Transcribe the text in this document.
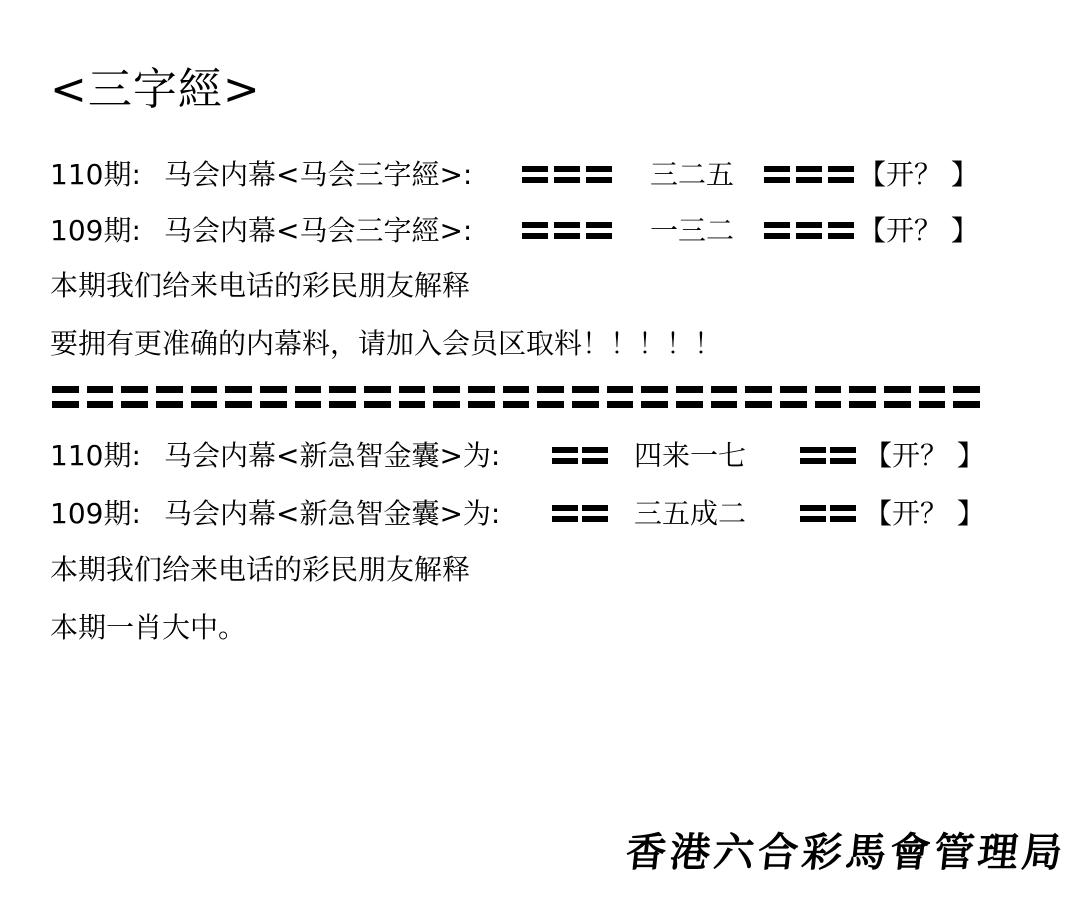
<三字經>
110期: 马会内幕<马会三字經>:	三二五	【开？ 】
109期: 马会内幕<马会三字經>:	一三二	【开？ 】
本期我们给来电话的彩民朋友解释
要拥有更准确的内幕料，请加入会员区取料！！！！！
110期: 马会内幕<新急智金囊>为:	四来一七	【开？ 】
109期: 马会内幕<新急智金囊>为:	三五成二	【开？ 】
本期我们给来电话的彩民朋友解释
本期一肖大中。
香港六合彩馬會管理局
